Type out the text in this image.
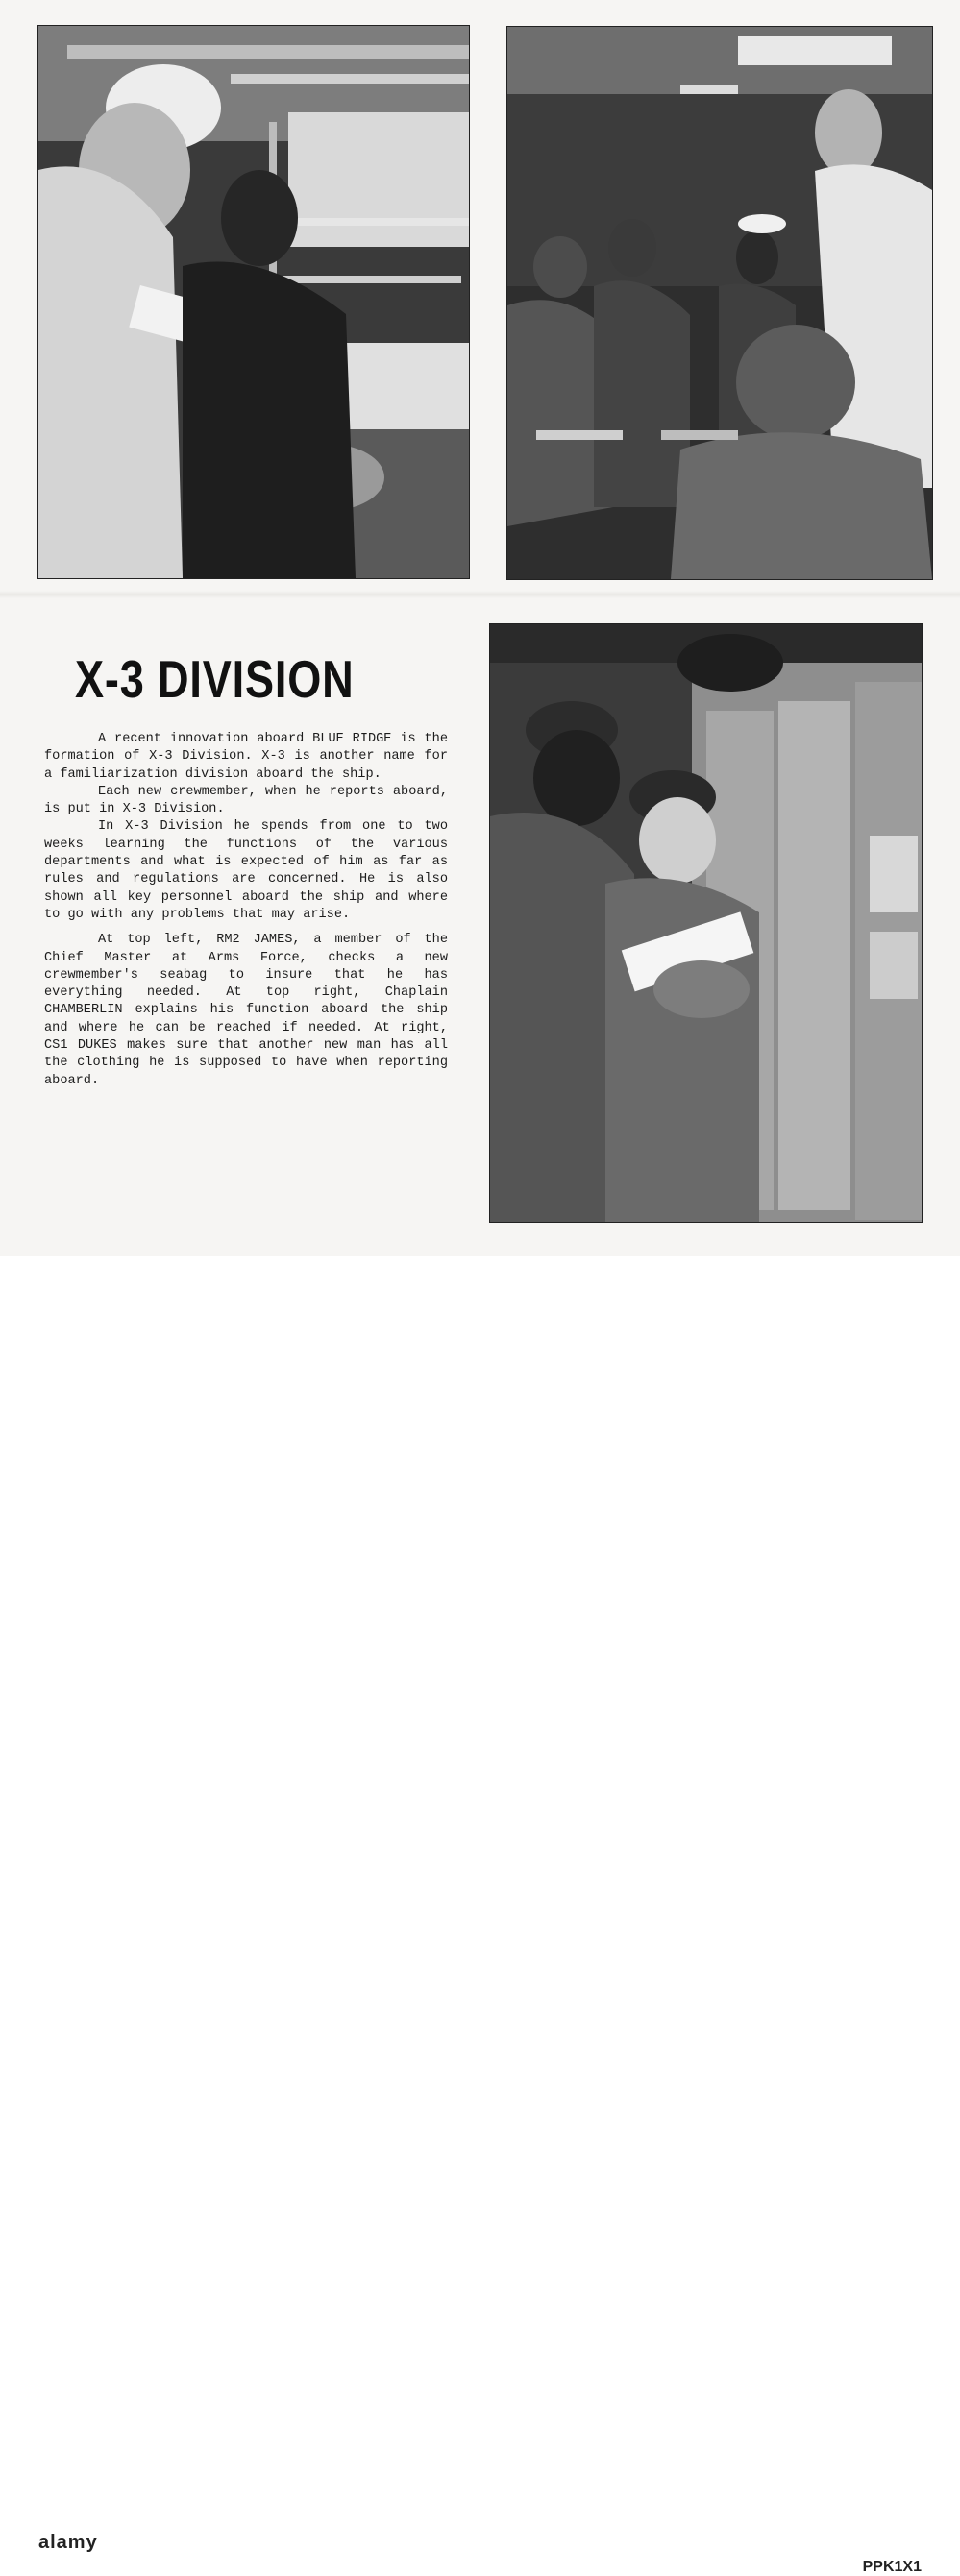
X-3 DIVISION

A recent innovation aboard BLUE RIDGE is the formation of X-3 Division. X-3 is another name for a familiarization division aboard the ship.

Each new crewmember, when he reports aboard, is put in X-3 Division.

In X-3 Division he spends from one to two weeks learning the functions of the various departments and what is expected of him as far as rules and regulations are concerned. He is also shown all key personnel aboard the ship and where to go with any problems that may arise.

At top left, RM2 JAMES, a member of the Chief Master at Arms Force, checks a new crewmember's seabag to insure that he has everything needed. At top right, Chaplain CHAMBERLIN explains his function aboard the ship and where he can be reached if needed. At right, CS1 DUKES makes sure that another new man has all the clothing he is supposed to have when reporting aboard.

alamy
PPK1X1
